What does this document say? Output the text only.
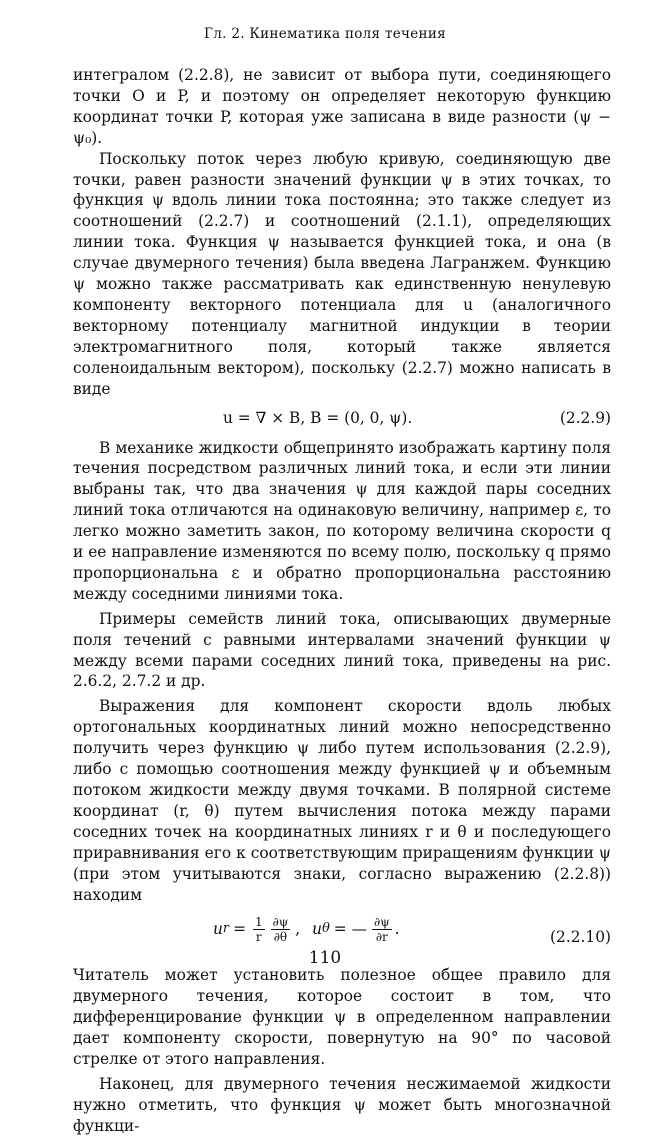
Гл. 2. Кинематика поля течения

интегралом (2.2.8), не зависит от выбора пути, соединяющего точки O и P, и поэтому он определяет некоторую функцию координат точки P, которая уже записана в виде разности (ψ − ψ₀).

Поскольку поток через любую кривую, соединяющую две точки, равен разности значений функции ψ в этих точках, то функция ψ вдоль линии тока постоянна; это также следует из соотношений (2.2.7) и соотношений (2.1.1), определяющих линии тока. Функция ψ называется функцией тока, и она (в случае двумерного течения) была введена Лагранжем. Функцию ψ можно также рассматривать как единственную ненулевую компоненту векторного потенциала для u (аналогичного векторному потенциалу магнитной индукции в теории электромагнитного поля, который также является соленоидальным вектором), поскольку (2.2.7) можно написать в виде

u = ∇ × B, B = (0, 0, ψ).	(2.2.9)

В механике жидкости общепринято изображать картину поля течения посредством различных линий тока, и если эти линии выбраны так, что два значения ψ для каждой пары соседних линий тока отличаются на одинаковую величину, например ε, то легко можно заметить закон, по которому величина скорости q и ее направление изменяются по всему полю, поскольку q прямо пропорциональна ε и обратно пропорциональна расстоянию между соседними линиями тока.

Примеры семейств линий тока, описывающих двумерные поля течений с равными интервалами значений функции ψ между всеми парами соседних линий тока, приведены на рис. 2.6.2, 2.7.2 и др.

Выражения для компонент скорости вдоль любых ортогональных координатных линий можно непосредственно получить через функцию ψ либо путем использования (2.2.9), либо с помощью соотношения между функцией ψ и объемным потоком жидкости между двумя точками. В полярной системе координат (r, θ) путем вычисления потока между парами соседних точек на координатных линиях r и θ и последующего приравнивания его к соответствующим приращениям функции ψ (при этом учитываются знаки, согласно выражению (2.2.8)) находим

u $r = \frac{1}{r} \frac{\partial\psi}{\partial\theta}$ , u θ = — $\frac{\partial\psi}{\partial r}$ .	(2.2.10)

Читатель может установить полезное общее правило для двумерного течения, которое состоит в том, что дифференцирование функции ψ в определенном направлении дает компоненту скорости, повернутую на 90° по часовой стрелке от этого направления.

Наконец, для двумерного течения несжимаемой жидкости нужно отметить, что функция ψ может быть многозначной функци-

110
